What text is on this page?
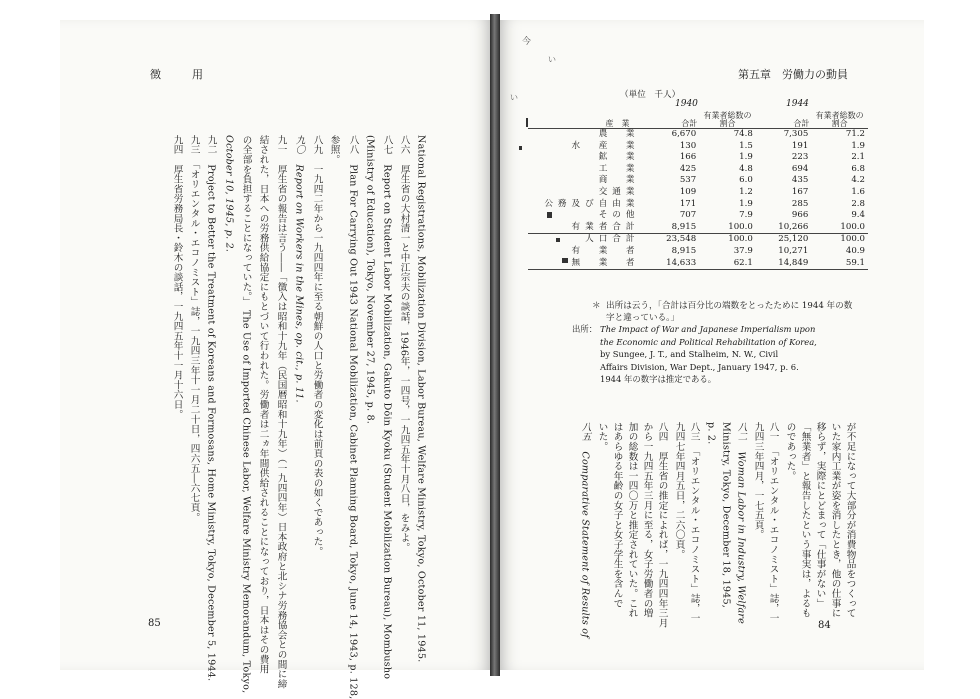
徴　用
85	National Registrations, Mobilization Division, Labor Bureau, Welfare Ministry, Tokyo, October 11, 1945.
八六　厚生省の大村清一と中江宗夫の談話，1946年，一四号，一九四五年十月八日，をみよ。
八七　Report on Student Labor Mobilization, Gakuto Dōin Kyoku (Student Mobilization Bureau), Mombusho
(Ministry of Education), Tokyo, November 27, 1945, p. 8.
八八　Plan For Carrying Out 1943 National Mobilization, Cabinet Planning Board, Tokyo, June 14, 1943, p. 128,
参照。
八九　一九四二年から一九四四年に至る朝鮮の人口と労働者の変化は前頁の表の如くであった。
九〇　Report on Workers in the Mines, op. cit., p. 11.
九一　厚生省の報告は言う――「徴入は昭和十九年（民国暦昭和十九年）（一九四四年）日本政府と北シナ労務協会との間に締
結された，日本への労務供給協定にもとづいて行われた。労働者は二ヵ年間供給されることになっており，日本はその費用
の全部を負担することになっていた。」 The Use of Imported Chinese Labor, Welfare Ministry Memorandum, Tokyo,
October 10, 1945, p. 2.
九二　Project to Better the Treatment of Koreans and Formosans, Home Ministry, Tokyo, December 5, 1944.
九三　「オリエンタル・エコノミスト」誌，一九四三年十一月二十日，四六五―六七頁。
九四　厚生省労務局長・鈴木の談話，一九四五年十一月十六日。
第五章　労働力の動員
84
今
い
い	（単位　千人）
1940	1944
産　業	合計	有業者総数の割合	合計	有業者総数の割合
農　業	6,670	74.8	7,305	71.2
水　産　業	130	1.5	191	1.9
鉱　業	166	1.9	223	2.1
工　業	425	4.8	694	6.8
商　業	537	6.0	435	4.2
交通業	109	1.2	167	1.6
公務及び自由業	171	1.9	285	2.8
その他	707	7.9	966	9.4
有業者合計	8,915	100.0	10,266	100.0
人口合計	23,548	100.0	25,120	100.0
有　業　者	8,915	37.9	10,271	40.9
無　業　者	14,633	62.1	14,849	59.1
＊ 出所は云う，「合計は百分比の端数をとったために 1944 年の数
字と違っている。」
出所： The Impact of War and Japanese Imperialism upon
the Economic and Political Rehabilitation of Korea,
by Sungee, J. T., and Stalheim, N. W., Civil
Affairs Division, War Dept., January 1947, p. 6.
1944 年の数字は推定である。
が不足になって大部分が消費物品をつくって
いた家内工業が姿を消したとき，他の仕事に
移らず，実際にとどまって「仕事がない」
「無業者」と報告したという事実は，よるも
のであった。
八一　「オリエンタル・エコノミスト」誌，一
九四三年四月，一七五頁。
八二　Woman Labor in Industry, Welfare
Ministry, Tokyo, December 18, 1945,
p. 2.
八三　「オリエンタル・エコノミスト」誌，一
九四七年四月五日，二六〇頁。
八四　厚生省の推定によれば，一九四四年三月
から一九四五年三月に至る，女子労働者の増
加の総数は一四〇万と推定されていた。これ
はあらゆる年齢の女子と女子学生を含んで
いた。
八五　Comparative Statement of Results of
